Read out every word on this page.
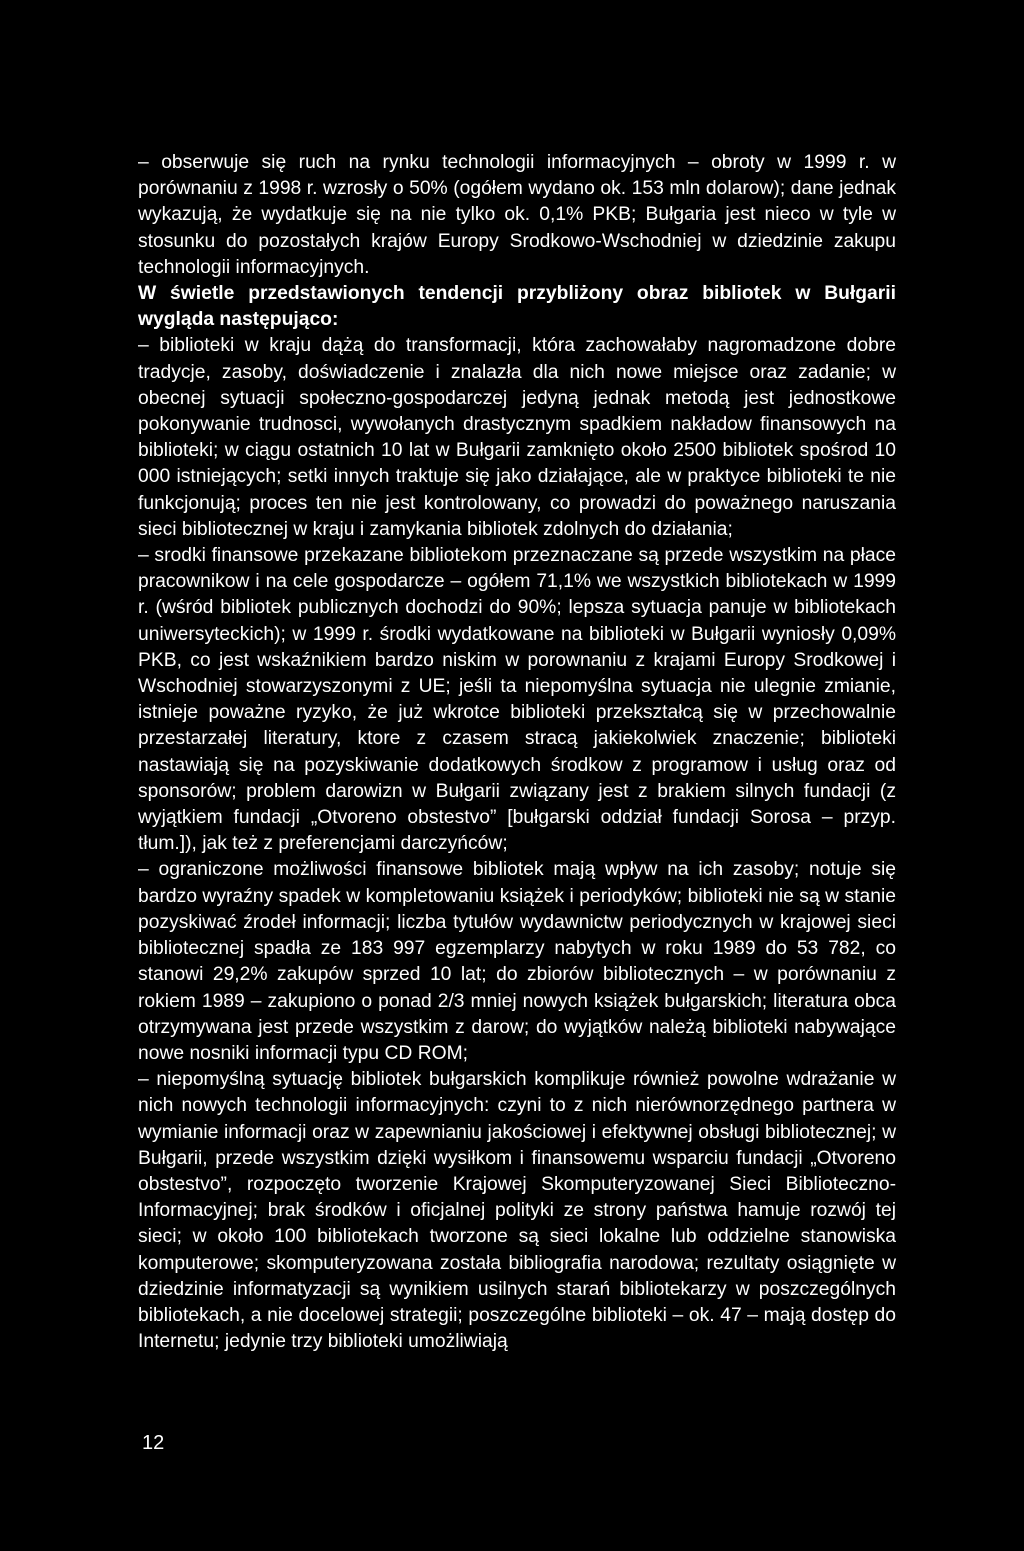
– obserwuje się ruch na rynku technologii informacyjnych – obroty w 1999 r. w porównaniu z 1998 r. wzrosły o 50% (ogółem wydano ok. 153 mln dolarow); dane jednak wykazują, że wydatkuje się na nie tylko ok. 0,1% PKB; Bułgaria jest nieco w tyle w stosunku do pozostałych krajów Europy Srodkowo-Wschodniej w dziedzinie zakupu technologii informacyjnych.

W świetle przedstawionych tendencji przybliżony obraz bibliotek w Bułgarii wygląda następująco:

– biblioteki w kraju dążą do transformacji, która zachowałaby nagromadzone dobre tradycje, zasoby, doświadczenie i znalazła dla nich nowe miejsce oraz zadanie; w obecnej sytuacji społeczno-gospodarczej jedyną jednak metodą jest jednostkowe pokonywanie trudnosci, wywołanych drastycznym spadkiem nakładow finansowych na biblioteki; w ciągu ostatnich 10 lat w Bułgarii zamknięto około 2500 bibliotek spośrod 10 000 istniejących; setki innych traktuje się jako działające, ale w praktyce biblioteki te nie funkcjonują; proces ten nie jest kontrolowany, co prowadzi do poważnego naruszania sieci bibliotecznej w kraju i zamykania bibliotek zdolnych do działania;

– srodki finansowe przekazane bibliotekom przeznaczane są przede wszystkim na płace pracownikow i na cele gospodarcze – ogółem 71,1% we wszystkich bibliotekach w 1999 r. (wśród bibliotek publicznych dochodzi do 90%; lepsza sytuacja panuje w bibliotekach uniwersyteckich); w 1999 r. środki wydatkowane na biblioteki w Bułgarii wyniosły 0,09% PKB, co jest wskaźnikiem bardzo niskim w porownaniu z krajami Europy Srodkowej i Wschodniej stowarzyszonymi z UE; jeśli ta niepomyślna sytuacja nie ulegnie zmianie, istnieje poważne ryzyko, że już wkrotce biblioteki przekształcą się w przechowalnie przestarzałej literatury, ktore z czasem stracą jakiekolwiek znaczenie; biblioteki nastawiają się na pozyskiwanie dodatkowych środkow z programow i usług oraz od sponsorów; problem darowizn w Bułgarii związany jest z brakiem silnych fundacji (z wyjątkiem fundacji „Otvoreno obstestvo” [bułgarski oddział fundacji Sorosa – przyp. tłum.]), jak też z preferencjami darczyńców;

– ograniczone możliwości finansowe bibliotek mają wpływ na ich zasoby; notuje się bardzo wyraźny spadek w kompletowaniu książek i periodyków; biblioteki nie są w stanie pozyskiwać źrodeł informacji; liczba tytułów wydawnictw periodycznych w krajowej sieci bibliotecznej spadła ze 183 997 egzemplarzy nabytych w roku 1989 do 53 782, co stanowi 29,2% zakupów sprzed 10 lat; do zbiorów bibliotecznych – w porównaniu z rokiem 1989 – zakupiono o ponad 2/3 mniej nowych książek bułgarskich; literatura obca otrzymywana jest przede wszystkim z darow; do wyjątków należą biblioteki nabywające nowe nosniki informacji typu CD ROM;

– niepomyślną sytuację bibliotek bułgarskich komplikuje również powolne wdrażanie w nich nowych technologii informacyjnych: czyni to z nich nierównorzędnego partnera w wymianie informacji oraz w zapewnianiu jakościowej i efektywnej obsługi bibliotecznej; w Bułgarii, przede wszystkim dzięki wysiłkom i finansowemu wsparciu fundacji „Otvoreno obstestvo”, rozpoczęto tworzenie Krajowej Skomputeryzowanej Sieci Biblioteczno-Informacyjnej; brak środków i oficjalnej polityki ze strony państwa hamuje rozwój tej sieci; w około 100 bibliotekach tworzone są sieci lokalne lub oddzielne stanowiska komputerowe; skomputeryzowana została bibliografia narodowa; rezultaty osiągnięte w dziedzinie informatyzacji są wynikiem usilnych starań bibliotekarzy w poszczególnych bibliotekach, a nie docelowej strategii; poszczególne biblioteki – ok. 47 – mają dostęp do Internetu; jedynie trzy biblioteki umożliwiają

12
